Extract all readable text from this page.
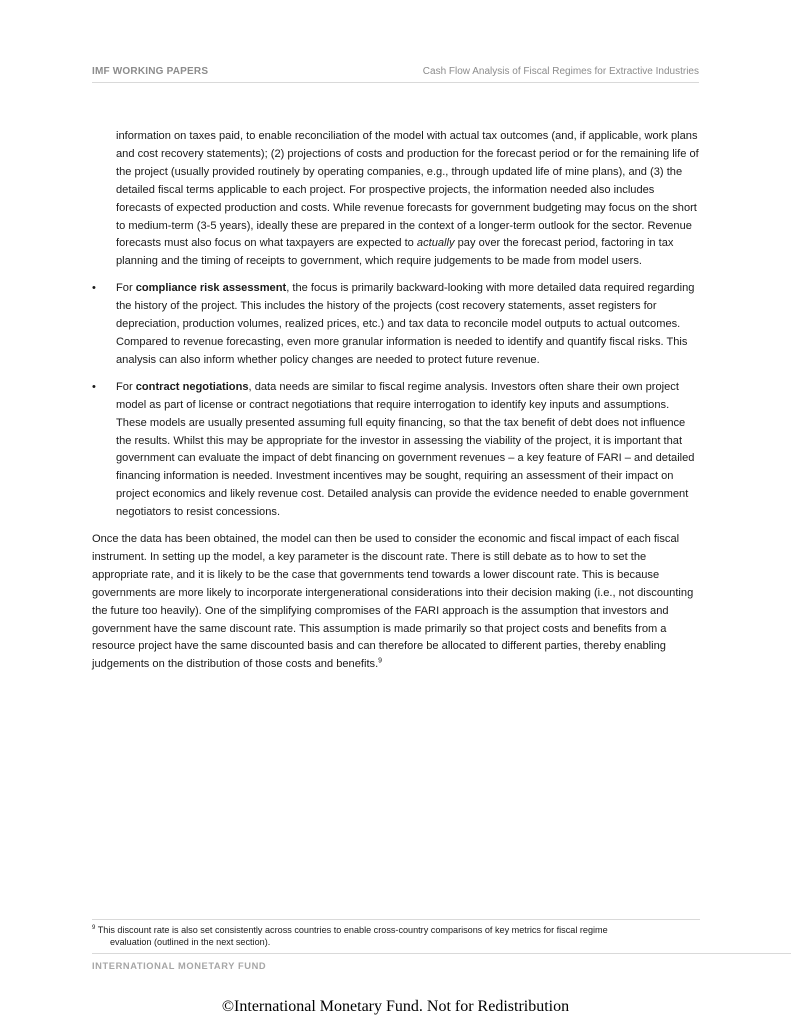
IMF WORKING PAPERS	Cash Flow Analysis of Fiscal Regimes for Extractive Industries

information on taxes paid, to enable reconciliation of the model with actual tax outcomes (and, if applicable, work plans and cost recovery statements); (2) projections of costs and production for the forecast period or for the remaining life of the project (usually provided routinely by operating companies, e.g., through updated life of mine plans), and (3) the detailed fiscal terms applicable to each project. For prospective projects, the information needed also includes forecasts of expected production and costs. While revenue forecasts for government budgeting may focus on the short to medium-term (3-5 years), ideally these are prepared in the context of a longer-term outlook for the sector. Revenue forecasts must also focus on what taxpayers are expected to actually pay over the forecast period, factoring in tax planning and the timing of receipts to government, which require judgements to be made from model users.

• For compliance risk assessment, the focus is primarily backward-looking with more detailed data required regarding the history of the project. This includes the history of the projects (cost recovery statements, asset registers for depreciation, production volumes, realized prices, etc.) and tax data to reconcile model outputs to actual outcomes. Compared to revenue forecasting, even more granular information is needed to identify and quantify fiscal risks. This analysis can also inform whether policy changes are needed to protect future revenue.

• For contract negotiations, data needs are similar to fiscal regime analysis. Investors often share their own project model as part of license or contract negotiations that require interrogation to identify key inputs and assumptions. These models are usually presented assuming full equity financing, so that the tax benefit of debt does not influence the results. Whilst this may be appropriate for the investor in assessing the viability of the project, it is important that government can evaluate the impact of debt financing on government revenues – a key feature of FARI – and detailed financing information is needed. Investment incentives may be sought, requiring an assessment of their impact on project economics and likely revenue cost. Detailed analysis can provide the evidence needed to enable government negotiators to resist concessions.

Once the data has been obtained, the model can then be used to consider the economic and fiscal impact of each fiscal instrument. In setting up the model, a key parameter is the discount rate. There is still debate as to how to set the appropriate rate, and it is likely to be the case that governments tend towards a lower discount rate. This is because governments are more likely to incorporate intergenerational considerations into their decision making (i.e., not discounting the future too heavily). One of the simplifying compromises of the FARI approach is the assumption that investors and government have the same discount rate. This assumption is made primarily so that project costs and benefits from a resource project have the same discounted basis and can therefore be allocated to different parties, thereby enabling judgements on the distribution of those costs and benefits.$^9$

$^9$ This discount rate is also set consistently across countries to enable cross-country comparisons of key metrics for fiscal regime
evaluation (outlined in the next section).
INTERNATIONAL MONETARY FUND
©International Monetary Fund. Not for Redistribution
